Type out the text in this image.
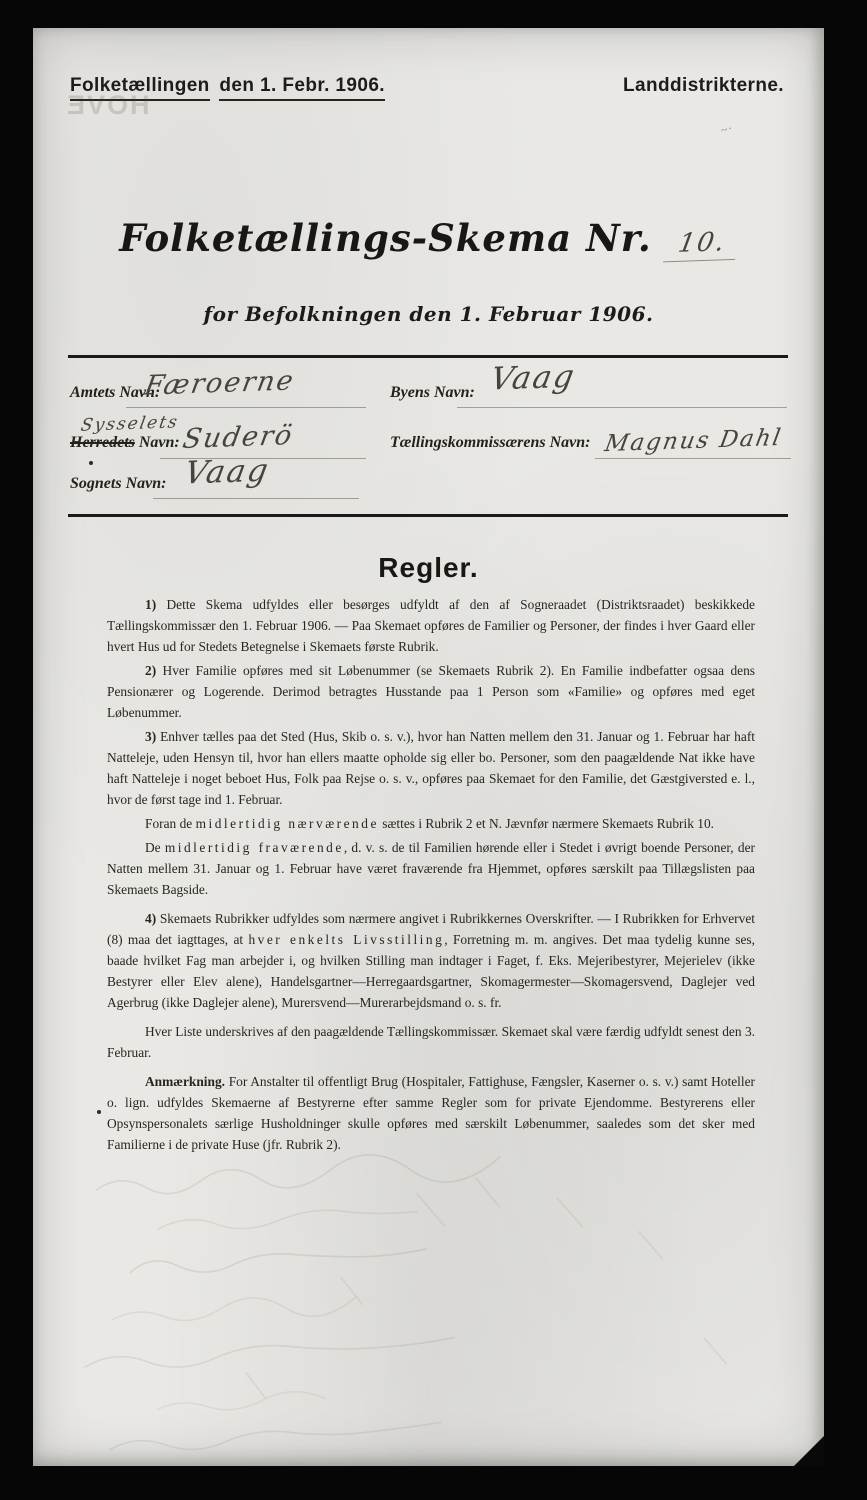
Folketællingen den 1. Febr. 1906.	Landdistrikterne.
HOVE
~·
Folketællings-Skema Nr. 10.
for Befolkningen den 1. Februar 1906.
Amtets Navn:
Færoerne	Byens Navn: Vaag
Sysselets
Herredets Navn: Suderö	Tællingskommissærens Navn: Magnus Dahl
Sognets Navn: Vaag
Regler.

1) Dette Skema udfyldes eller besørges udfyldt af den af Sogneraadet (Distriktsraadet) beskikkede Tællingskommissær den 1. Februar 1906. — Paa Skemaet opføres de Familier og Personer, der findes i hver Gaard eller hvert Hus ud for Stedets Betegnelse i Skemaets første Rubrik.

2) Hver Familie opføres med sit Løbenummer (se Skemaets Rubrik 2). En Familie indbefatter ogsaa dens Pensionærer og Logerende. Derimod betragtes Husstande paa 1 Person som «Familie» og opføres med eget Løbenummer.

3) Enhver tælles paa det Sted (Hus, Skib o. s. v.), hvor han Natten mellem den 31. Januar og 1. Februar har haft Natteleje, uden Hensyn til, hvor han ellers maatte opholde sig eller bo. Personer, som den paagældende Nat ikke have haft Natteleje i noget beboet Hus, Folk paa Rejse o. s. v., opføres paa Skemaet for den Familie, det Gæstgiversted e. l., hvor de først tage ind 1. Februar.

Foran de midlertidig nærværende sættes i Rubrik 2 et N. Jævnfør nærmere Skemaets Rubrik 10.

De midlertidig fraværende, d. v. s. de til Familien hørende eller i Stedet i øvrigt boende Personer, der Natten mellem 31. Januar og 1. Februar have været fraværende fra Hjemmet, opføres særskilt paa Tillægslisten paa Skemaets Bagside.

4) Skemaets Rubrikker udfyldes som nærmere angivet i Rubrikkernes Overskrifter. — I Rubrikken for Erhvervet (8) maa det iagttages, at hver enkelts Livsstilling, Forretning m. m. angives. Det maa tydelig kunne ses, baade hvilket Fag man arbejder i, og hvilken Stilling man indtager i Faget, f. Eks. Mejeribestyrer, Mejerielev (ikke Bestyrer eller Elev alene), Handelsgartner—Herregaardsgartner, Skomagermester—Skomagersvend, Daglejer ved Agerbrug (ikke Daglejer alene), Murersvend—Murerarbejdsmand o. s. fr.

Hver Liste underskrives af den paagældende Tællingskommissær. Skemaet skal være færdig udfyldt senest den 3. Februar.

Anmærkning. For Anstalter til offentligt Brug (Hospitaler, Fattighuse, Fængsler, Kaserner o. s. v.) samt Hoteller o. lign. udfyldes Skemaerne af Bestyrerne efter samme Regler som for private Ejendomme. Bestyrerens eller Opsynspersonalets særlige Husholdninger skulle opføres med særskilt Løbenummer, saaledes som det sker med Familierne i de private Huse (jfr. Rubrik 2).
